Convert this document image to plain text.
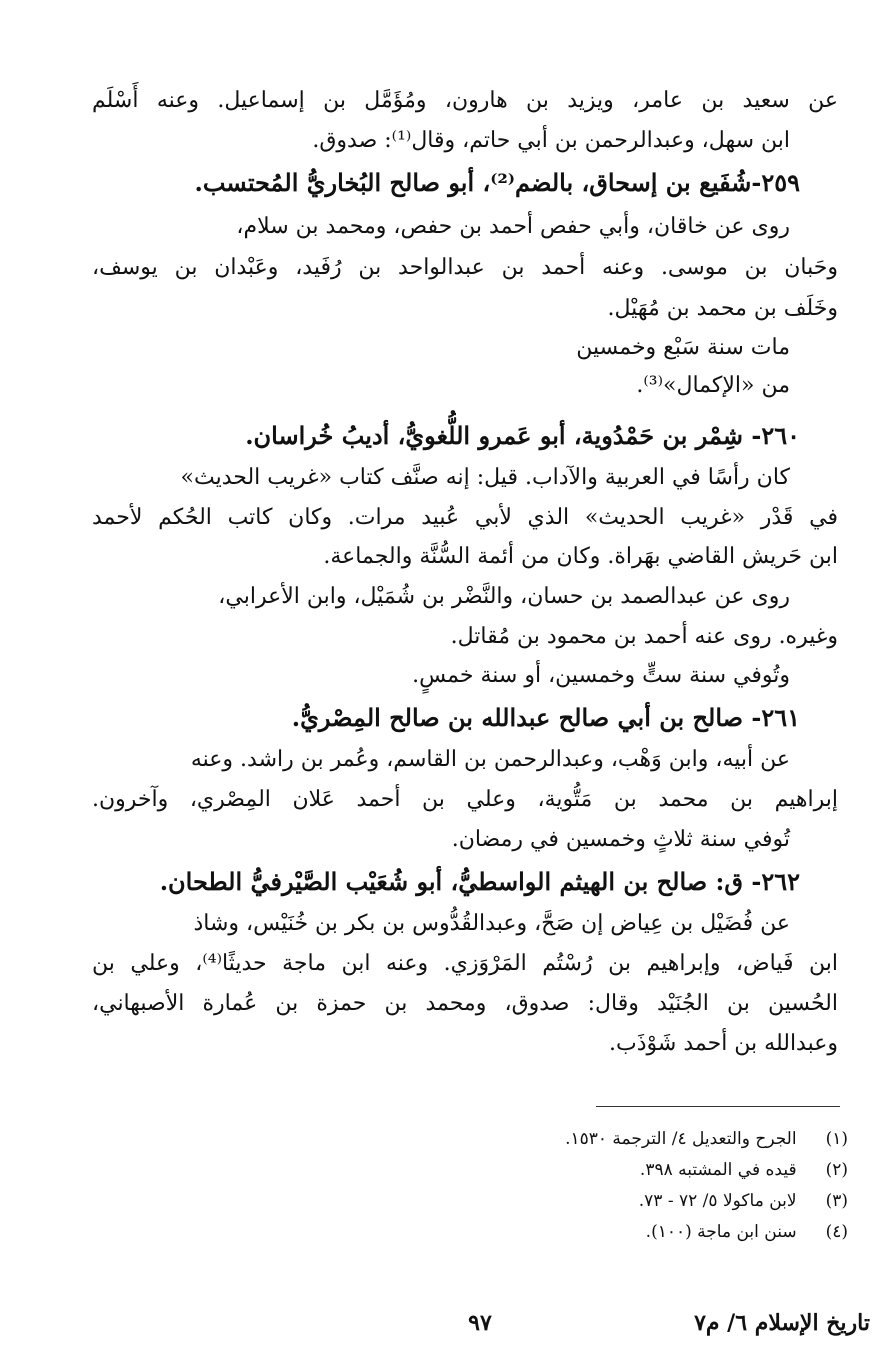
عن سعيد بن عامر، ويزيد بن هارون، ومُؤَمَّل بن إسماعيل. وعنه أَسْلَم
ابن سهل، وعبدالرحمن بن أبي حاتم، وقال⁽¹⁾: صدوق.
٢٥٩-شُفَيع بن إسحاق، بالضم⁽²⁾، أبو صالح البُخاريُّ المُحتسب.
روى عن خاقان، وأبي حفص أحمد بن حفص، ومحمد بن سلام،
وحَبان بن موسى. وعنه أحمد بن عبدالواحد بن رُفَيد، وعَبْدان بن يوسف،
وخَلَف بن محمد بن مُهَيْل.
مات سنة سَبْع وخمسين
من «الإكمال»⁽³⁾.
٢٦٠- شِمْر بن حَمْدُوية، أبو عَمرو اللُّغويُّ، أديبُ خُراسان.
كان رأسًا في العربية والآداب. قيل: إنه صنَّف كتاب «غريب الحديث»
في قَدْر «غريب الحديث» الذي لأبي عُبيد مرات. وكان كاتب الحُكم لأحمد
ابن حَريش القاضي بهَراة. وكان من أئمة السُّنَّة والجماعة.
روى عن عبدالصمد بن حسان، والنَّضْر بن شُمَيْل، وابن الأعرابي،
وغيره. روى عنه أحمد بن محمود بن مُقاتل.
وتُوفي سنة ستٍّ وخمسين، أو سنة خمسٍ.
٢٦١- صالح بن أبي صالح عبدالله بن صالح المِصْريُّ.
عن أبيه، وابن وَهْب، وعبدالرحمن بن القاسم، وعُمر بن راشد. وعنه
إبراهيم بن محمد بن مَتُّوية، وعلي بن أحمد عَلان المِصْري، وآخرون.
تُوفي سنة ثلاثٍ وخمسين في رمضان.
٢٦٢- ق: صالح بن الهيثم الواسطيُّ، أبو شُعَيْب الصَّيْرفيُّ الطحان.
عن فُضَيْل بن عِياض إن صَحَّ، وعبدالقُدُّوس بن بكر بن خُنَيْس، وشاذ
ابن فَياض، وإبراهيم بن رُسْتُم المَرْوَزي. وعنه ابن ماجة حديثًا⁽⁴⁾، وعلي بن
الحُسين بن الجُنَيْد وقال: صدوق، ومحمد بن حمزة بن عُمارة الأصبهاني،
وعبدالله بن أحمد شَوْذَب.
(١) الجرح والتعديل ٤/ الترجمة ١٥٣٠.
(٢) قيده في المشتبه ٣٩٨.
(٣) لابن ماكولا ٥/ ٧٢ - ٧٣.
(٤) سنن ابن ماجة (١٠٠).
تاريخ الإسلام ٦/ م٧
٩٧
